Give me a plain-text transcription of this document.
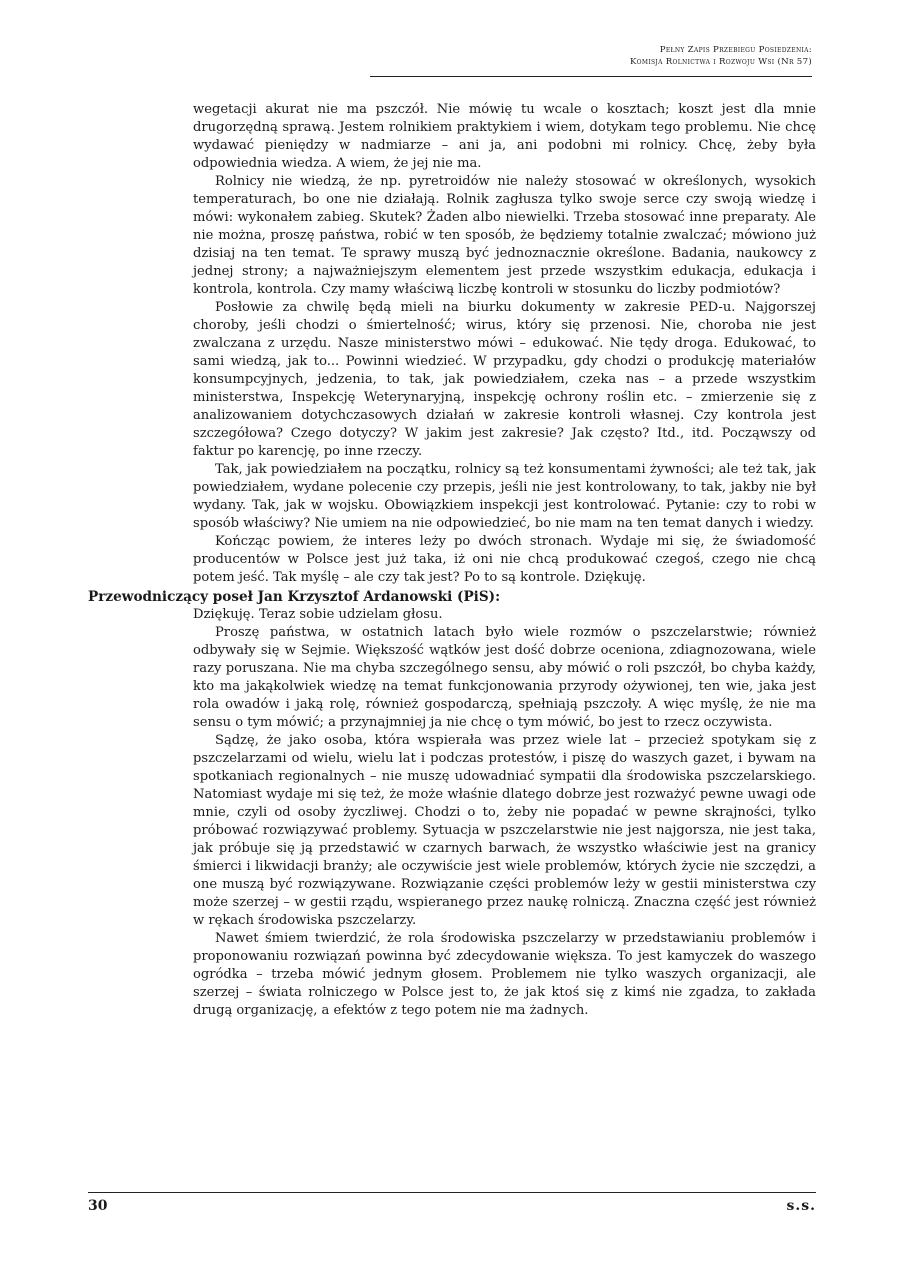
Pełny Zapis Przebiegu Posiedzenia:
Komisja Rolnictwa i Rozwoju Wsi (Nr 57)

wegetacji akurat nie ma pszczół. Nie mówię tu wcale o kosztach; koszt jest dla mnie drugorzędną sprawą. Jestem rolnikiem praktykiem i wiem, dotykam tego problemu. Nie chcę wydawać pieniędzy w nadmiarze – ani ja, ani podobni mi rolnicy. Chcę, żeby była odpowiednia wiedza. A wiem, że jej nie ma.

Rolnicy nie wiedzą, że np. pyretroidów nie należy stosować w określonych, wysokich temperaturach, bo one nie działają. Rolnik zagłusza tylko swoje serce czy swoją wiedzę i mówi: wykonałem zabieg. Skutek? Żaden albo niewielki. Trzeba stosować inne preparaty. Ale nie można, proszę państwa, robić w ten sposób, że będziemy totalnie zwalczać; mówiono już dzisiaj na ten temat. Te sprawy muszą być jednoznacznie określone. Badania, naukowcy z jednej strony; a najważniejszym elementem jest przede wszystkim edukacja, edukacja i kontrola, kontrola. Czy mamy właściwą liczbę kontroli w stosunku do liczby podmiotów?

Posłowie za chwilę będą mieli na biurku dokumenty w zakresie PED-u. Najgorszej choroby, jeśli chodzi o śmiertelność; wirus, który się przenosi. Nie, choroba nie jest zwalczana z urzędu. Nasze ministerstwo mówi – edukować. Nie tędy droga. Edukować, to sami wiedzą, jak to... Powinni wiedzieć. W przypadku, gdy chodzi o produkcję materiałów konsumpcyjnych, jedzenia, to tak, jak powiedziałem, czeka nas – a przede wszystkim ministerstwa, Inspekcję Weterynaryjną, inspekcję ochrony roślin etc. – zmierzenie się z analizowaniem dotychczasowych działań w zakresie kontroli własnej. Czy kontrola jest szczegółowa? Czego dotyczy? W jakim jest zakresie? Jak często? Itd., itd. Począwszy od faktur po karencję, po inne rzeczy.

Tak, jak powiedziałem na początku, rolnicy są też konsumentami żywności; ale też tak, jak powiedziałem, wydane polecenie czy przepis, jeśli nie jest kontrolowany, to tak, jakby nie był wydany. Tak, jak w wojsku. Obowiązkiem inspekcji jest kontrolować. Pytanie: czy to robi w sposób właściwy? Nie umiem na nie odpowiedzieć, bo nie mam na ten temat danych i wiedzy.

Kończąc powiem, że interes leży po dwóch stronach. Wydaje mi się, że świadomość producentów w Polsce jest już taka, iż oni nie chcą produkować czegoś, czego nie chcą potem jeść. Tak myślę – ale czy tak jest? Po to są kontrole. Dziękuję.

Przewodniczący poseł Jan Krzysztof Ardanowski (PiS):

Dziękuję. Teraz sobie udzielam głosu.

Proszę państwa, w ostatnich latach było wiele rozmów o pszczelarstwie; również odbywały się w Sejmie. Większość wątków jest dość dobrze oceniona, zdiagnozowana, wiele razy poruszana. Nie ma chyba szczególnego sensu, aby mówić o roli pszczół, bo chyba każdy, kto ma jakąkolwiek wiedzę na temat funkcjonowania przyrody ożywionej, ten wie, jaka jest rola owadów i jaką rolę, również gospodarczą, spełniają pszczoły. A więc myślę, że nie ma sensu o tym mówić; a przynajmniej ja nie chcę o tym mówić, bo jest to rzecz oczywista.

Sądzę, że jako osoba, która wspierała was przez wiele lat – przecież spotykam się z pszczelarzami od wielu, wielu lat i podczas protestów, i piszę do waszych gazet, i bywam na spotkaniach regionalnych – nie muszę udowadniać sympatii dla środowiska pszczelarskiego. Natomiast wydaje mi się też, że może właśnie dlatego dobrze jest rozważyć pewne uwagi ode mnie, czyli od osoby życzliwej. Chodzi o to, żeby nie popadać w pewne skrajności, tylko próbować rozwiązywać problemy. Sytuacja w pszczelarstwie nie jest najgorsza, nie jest taka, jak próbuje się ją przedstawić w czarnych barwach, że wszystko właściwie jest na granicy śmierci i likwidacji branży; ale oczywiście jest wiele problemów, których życie nie szczędzi, a one muszą być rozwiązywane. Rozwiązanie części problemów leży w gestii ministerstwa czy może szerzej – w gestii rządu, wspieranego przez naukę rolniczą. Znaczna część jest również w rękach środowiska pszczelarzy.

Nawet śmiem twierdzić, że rola środowiska pszczelarzy w przedstawianiu problemów i proponowaniu rozwiązań powinna być zdecydowanie większa. To jest kamyczek do waszego ogródka – trzeba mówić jednym głosem. Problemem nie tylko waszych organizacji, ale szerzej – świata rolniczego w Polsce jest to, że jak ktoś się z kimś nie zgadza, to zakłada drugą organizację, a efektów z tego potem nie ma żadnych.

30	s.s.
